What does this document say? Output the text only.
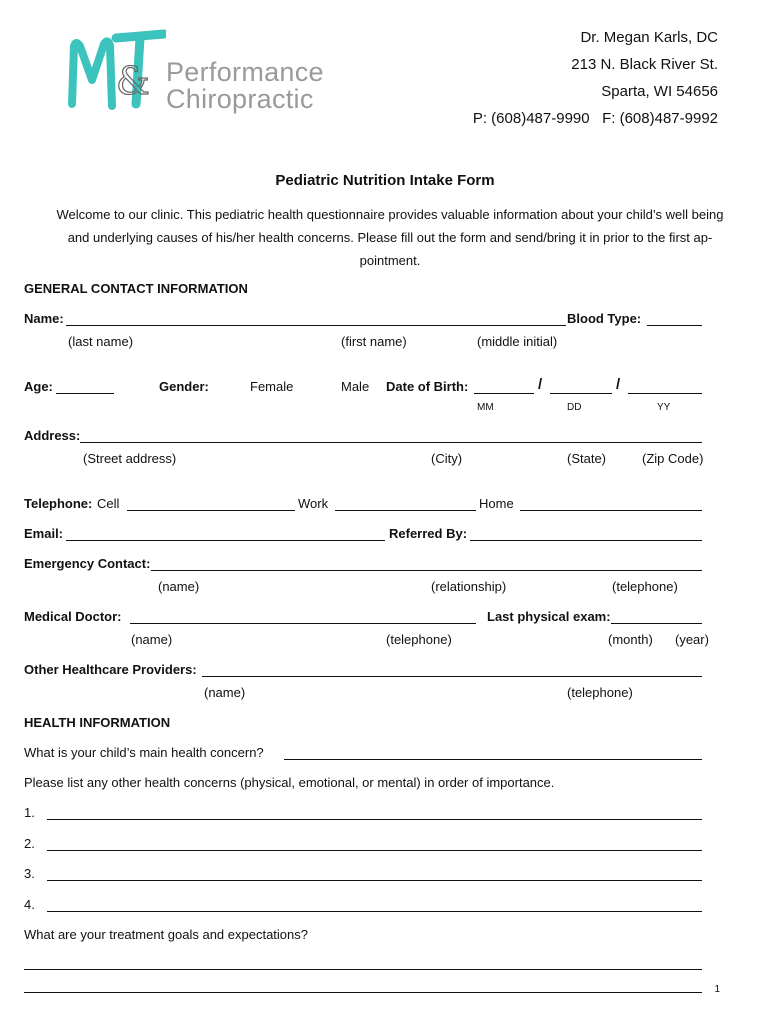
& Performance
Chiropractic
Dr. Megan Karls, DC
213 N. Black River St.
Sparta, WI 54656
P: (608)487-9990   F: (608)487-9992
Pediatric Nutrition Intake Form
Welcome to our clinic. This pediatric health questionnaire provides valuable information about your child’s well being
and underlying causes of his/her health concerns. Please fill out the form and send/bring it in prior to the first ap-
pointment.
GENERAL CONTACT INFORMATION
Name:	Blood Type:
(last name)	(first name)	(middle initial)
Age:	Gender:	Female	Male Date of Birth:	/	/
MM	DD	YY
Address:
(Street address)	(City)	(State)	(Zip Code)
Telephone: Cell	Work	Home
Email:	Referred By:
Emergency Contact:
(name)	(relationship)	(telephone)
Medical Doctor:	Last physical exam:
(name)	(telephone)	(month) (year)
Other Healthcare Providers:
(name)	(telephone)
HEALTH INFORMATION
What is your child’s main health concern?
Please list any other health concerns (physical, emotional, or mental) in order of importance.
1.
2.
3.
4.
What are your treatment goals and expectations?
1
